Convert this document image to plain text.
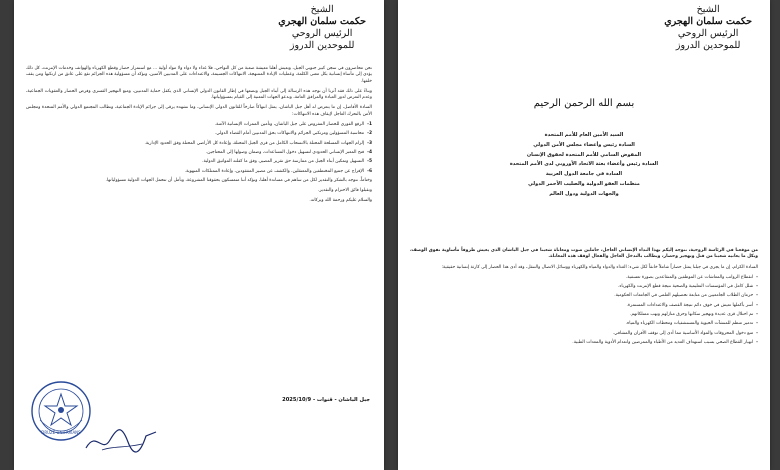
الشيخ
حكمت سلمان الهجري
الرئيس الروحي
للموحدين الدروز

نحن محاصرون في سجن كبير جنوبي الجبل، ونعيش أهلنا معيشة صعبة من كل النواحي، فلا غذاء ولا دواء ولا مواد أولية ... مع استمرار حصار وقطع الكهرباء والهواتف وخدمات الإنترنت، كل ذلك يؤدي إلى مأساة إنسانية بكل معنى الكلمة، وعمليات الإبادة الممنهجة، الانتهاكات الجسيمة، والاعتداءات على المدنيين الآمنين، ونؤكد أن مسؤولية هذه الجرائم تقع على عاتق من ارتكبها ومن يقف خلفها.

وبناءً على ذلك فقد آثرنا أن نوجه هذه الرسالة إلى أبناء الجبل ونضعها في إطار القانون الدولي الإنساني الذي يكفل حماية المدنيين، ومنع التهجير القسري وفرض الحصار والعقوبات الجماعية، وعدم التعرض لدور العبادة والمرافق العامة، وندعو الجهات المعنية إلى القيام بمسؤولياتها.

السادة الأفاضل، إن ما يتعرض له أهل جبل الباشان، يمثل انتهاكاً صارخاً للقانون الدولي الإنساني، وما نشهده يرقى إلى جرائم الإبادة الجماعية، ونطالب المجتمع الدولي والأمم المتحدة ومجلس الأمن بالتحرك العاجل لإيقاف هذه الانتهاكات:

1-الرفع الفوري للحصار المفروض على جبل الباشان، وتأمين الممرات الإنسانية الآمنة.
2-محاسبة المسؤولين ومرتكبي الجرائم والانتهاكات بحق المدنيين أمام القضاء الدولي.
3-إلزام الجهات المسلحة المحتلة بالانسحاب الكامل من قرى الجبل المحتلة، وإعادة كل الأراضي المحتلة وفق الحدود الإدارية.
4-فتح المعبر الإنساني الحدودي لتسهيل دخول المساعدات، وضمان وصولها إلى المحتاجين.
5-التسهيل وتمكين أبناء الجبل من ممارسة حق تقرير المصير، وفق ما كفلته المواثيق الدولية.
6-الإفراج عن جميع المختطفين والمعتقلين، والكشف عن مصير المفقودين، وإعادة الممتلكات المنهوبة.

وختاماً، نتوجه بالشكر والتقدير لكل من ساهم في مساندة أهلنا، ونؤكد أننا متمسكون بحقوقنا المشروعة، ونأمل أن تتحمل الجهات الدولية مسؤولياتها.

وتقبلوا فائق الاحترام والتقدير.

والسلام عليكم ورحمة الله وبركاته.

جبل الباشان - قنوات - 2025/10/9
DRUZE UNITARIANS
الشيخ
حكمت سلمان الهجري
الرئيس الروحي
للموحدين الدروز
بسم الله الرحمن الرحيم
السيد الأمين العام للأمم المتحدة
السادة رئيس وأعضاء مجلس الأمن الدولي
المفوض السامي للأمم المتحدة لحقوق الإنسان
السادة رئيس وأعضاء بعثة الاتحاد الأوروبي لدى الأمم المتحدة
السادة في جامعة الدول العربية
منظمات العفو الدولية والصليب الأحمر الدولي
والجهات الدولية ودول العالم

من موقعنا في الرئاسة الروحية، نتوجه إليكم بهذا النداء الإنساني العاجل، حاملين صوت ومعاناة شعبنا في جبل الباشان الذي يعيش ظروفاً مأساوية تفوق الوصف، وبكل ما يعانيه شعبنا من قتل وتهجير وحصار، ويطالب بالتدخل العاجل والفعال لوقف هذه المعاناة.

السادة الكرام، إن ما يجري في جبلنا يمثل حصاراً شاملاً خانقاً لكل شيء: الغذاء والدواء والمياه والكهرباء ووسائل الاتصال والتنقل، وقد أدى هذا الحصار إلى كارثة إنسانية حقيقية:

-انقطاع الرواتب والمعاشات عن الموظفين والمتقاعدين بصورة تعسفية.
-شلل كامل في المؤسسات التعليمية والصحية نتيجة قطع الإنترنت والكهرباء.
-حرمان الطلاب الجامعيين من متابعة تحصيلهم العلمي في الجامعات الحكومية.
-أسر بأكملها تعيش في خوف دائم نتيجة القصف والاعتداءات المستمرة.
-تم احتلال قرى عديدة وتهجير سكانها وحرق منازلهم ونهب ممتلكاتهم.
-تدمير منظم للمنشآت الحيوية والمستشفيات ومحطات الكهرباء والمياه.
-منع دخول المحروقات والمواد الأساسية مما أدى إلى توقف الأفران والمشافي.
-انهيار القطاع الصحي بسبب استهداف العديد من الأطباء والممرضين وانعدام الأدوية والمعدات الطبية.
